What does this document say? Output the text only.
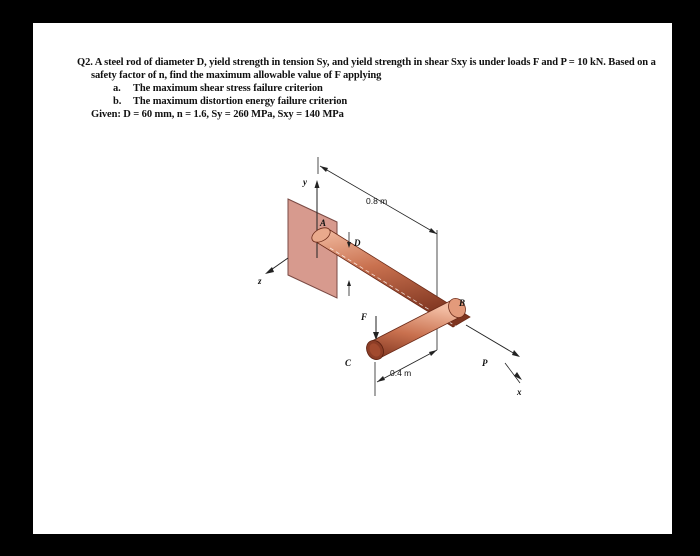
Q2. A steel rod of diameter D, yield strength in tension Sy, and yield strength in shear Sxy is under loads F and P = 10 kN. Based on a
safety factor of n, find the maximum allowable value of F applying
a. The maximum shear stress failure criterion
b. The maximum distortion energy failure criterion
Given: D = 60 mm, n = 1.6, Sy = 260 MPa, Sxy = 140 MPa
y
z
0.8 m
x
P
A
B
C
D
F
0.4 m
